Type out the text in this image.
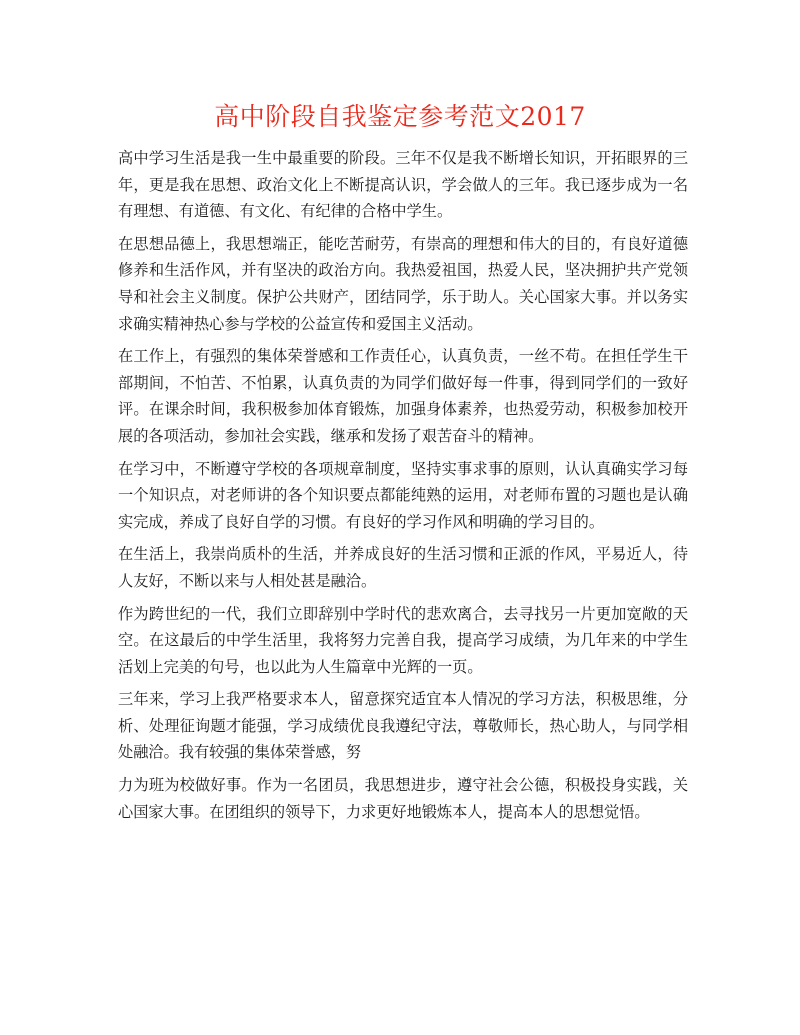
高中阶段自我鉴定参考范文2017

高中学习生活是我一生中最重要的阶段。三年不仅是我不断增长知识，开拓眼界的三年，更是我在思想、政治文化上不断提高认识，学会做人的三年。我已逐步成为一名有理想、有道德、有文化、有纪律的合格中学生。

在思想品德上，我思想端正，能吃苦耐劳，有崇高的理想和伟大的目的，有良好道德修养和生活作风，并有坚决的政治方向。我热爱祖国，热爱人民，坚决拥护共产党领导和社会主义制度。保护公共财产，团结同学，乐于助人。关心国家大事。并以务实求确实精神热心参与学校的公益宣传和爱国主义活动。

在工作上，有强烈的集体荣誉感和工作责任心，认真负责，一丝不苟。在担任学生干部期间，不怕苦、不怕累，认真负责的为同学们做好每一件事，得到同学们的一致好评。在课余时间，我积极参加体育锻炼，加强身体素养，也热爱劳动，积极参加校开展的各项活动，参加社会实践，继承和发扬了艰苦奋斗的精神。

在学习中，不断遵守学校的各项规章制度，坚持实事求事的原则，认认真确实学习每一个知识点，对老师讲的各个知识要点都能纯熟的运用，对老师布置的习题也是认确实完成，养成了良好自学的习惯。有良好的学习作风和明确的学习目的。

在生活上，我崇尚质朴的生活，并养成良好的生活习惯和正派的作风，平易近人，待人友好，不断以来与人相处甚是融洽。

作为跨世纪的一代，我们立即辞别中学时代的悲欢离合，去寻找另一片更加宽敞的天空。在这最后的中学生活里，我将努力完善自我，提高学习成绩，为几年来的中学生活划上完美的句号，也以此为人生篇章中光辉的一页。

三年来，学习上我严格要求本人，留意探究适宜本人情况的学习方法，积极思维，分析、处理征询题才能强，学习成绩优良我遵纪守法，尊敬师长，热心助人，与同学相处融洽。我有较强的集体荣誉感，努

力为班为校做好事。作为一名团员，我思想进步，遵守社会公德，积极投身实践，关心国家大事。在团组织的领导下，力求更好地锻炼本人，提高本人的思想觉悟。
